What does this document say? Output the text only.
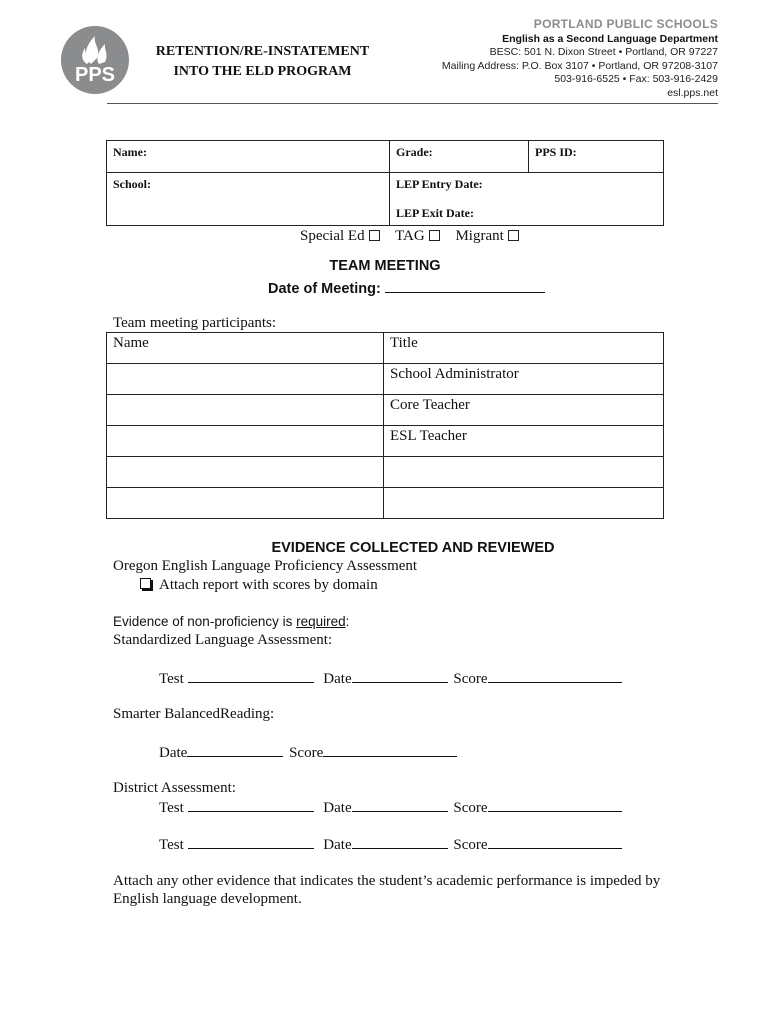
PPS
RETENTION/RE-INSTATEMENT
INTO THE ELD PROGRAM
PORTLAND PUBLIC SCHOOLS
English as a Second Language Department
BESC: 501 N. Dixon Street • Portland, OR 97227
Mailing Address: P.O. Box 3107 • Portland, OR 97208-3107
503-916-6525 • Fax: 503-916-2429
esl.pps.net
Name:	Grade:	PPS ID:
School:	LEP Entry Date:
LEP Exit Date:	
Special Ed TAG Migrant
TEAM MEETING
Date of Meeting:
Team meeting participants:
Name	Title
	School Administrator
	Core Teacher
	ESL Teacher

EVIDENCE COLLECTED AND REVIEWED
Oregon English Language Proficiency Assessment
Attach report with scores by domain
Evidence of non-proficiency is required:
Standardized Language Assessment:
Test	Date	Score
Smarter BalancedReading:
Date	Score
District Assessment:
Test	Date	Score
Test	Date	Score
Attach any other evidence that indicates the student’s academic performance is impeded by
English language development.
